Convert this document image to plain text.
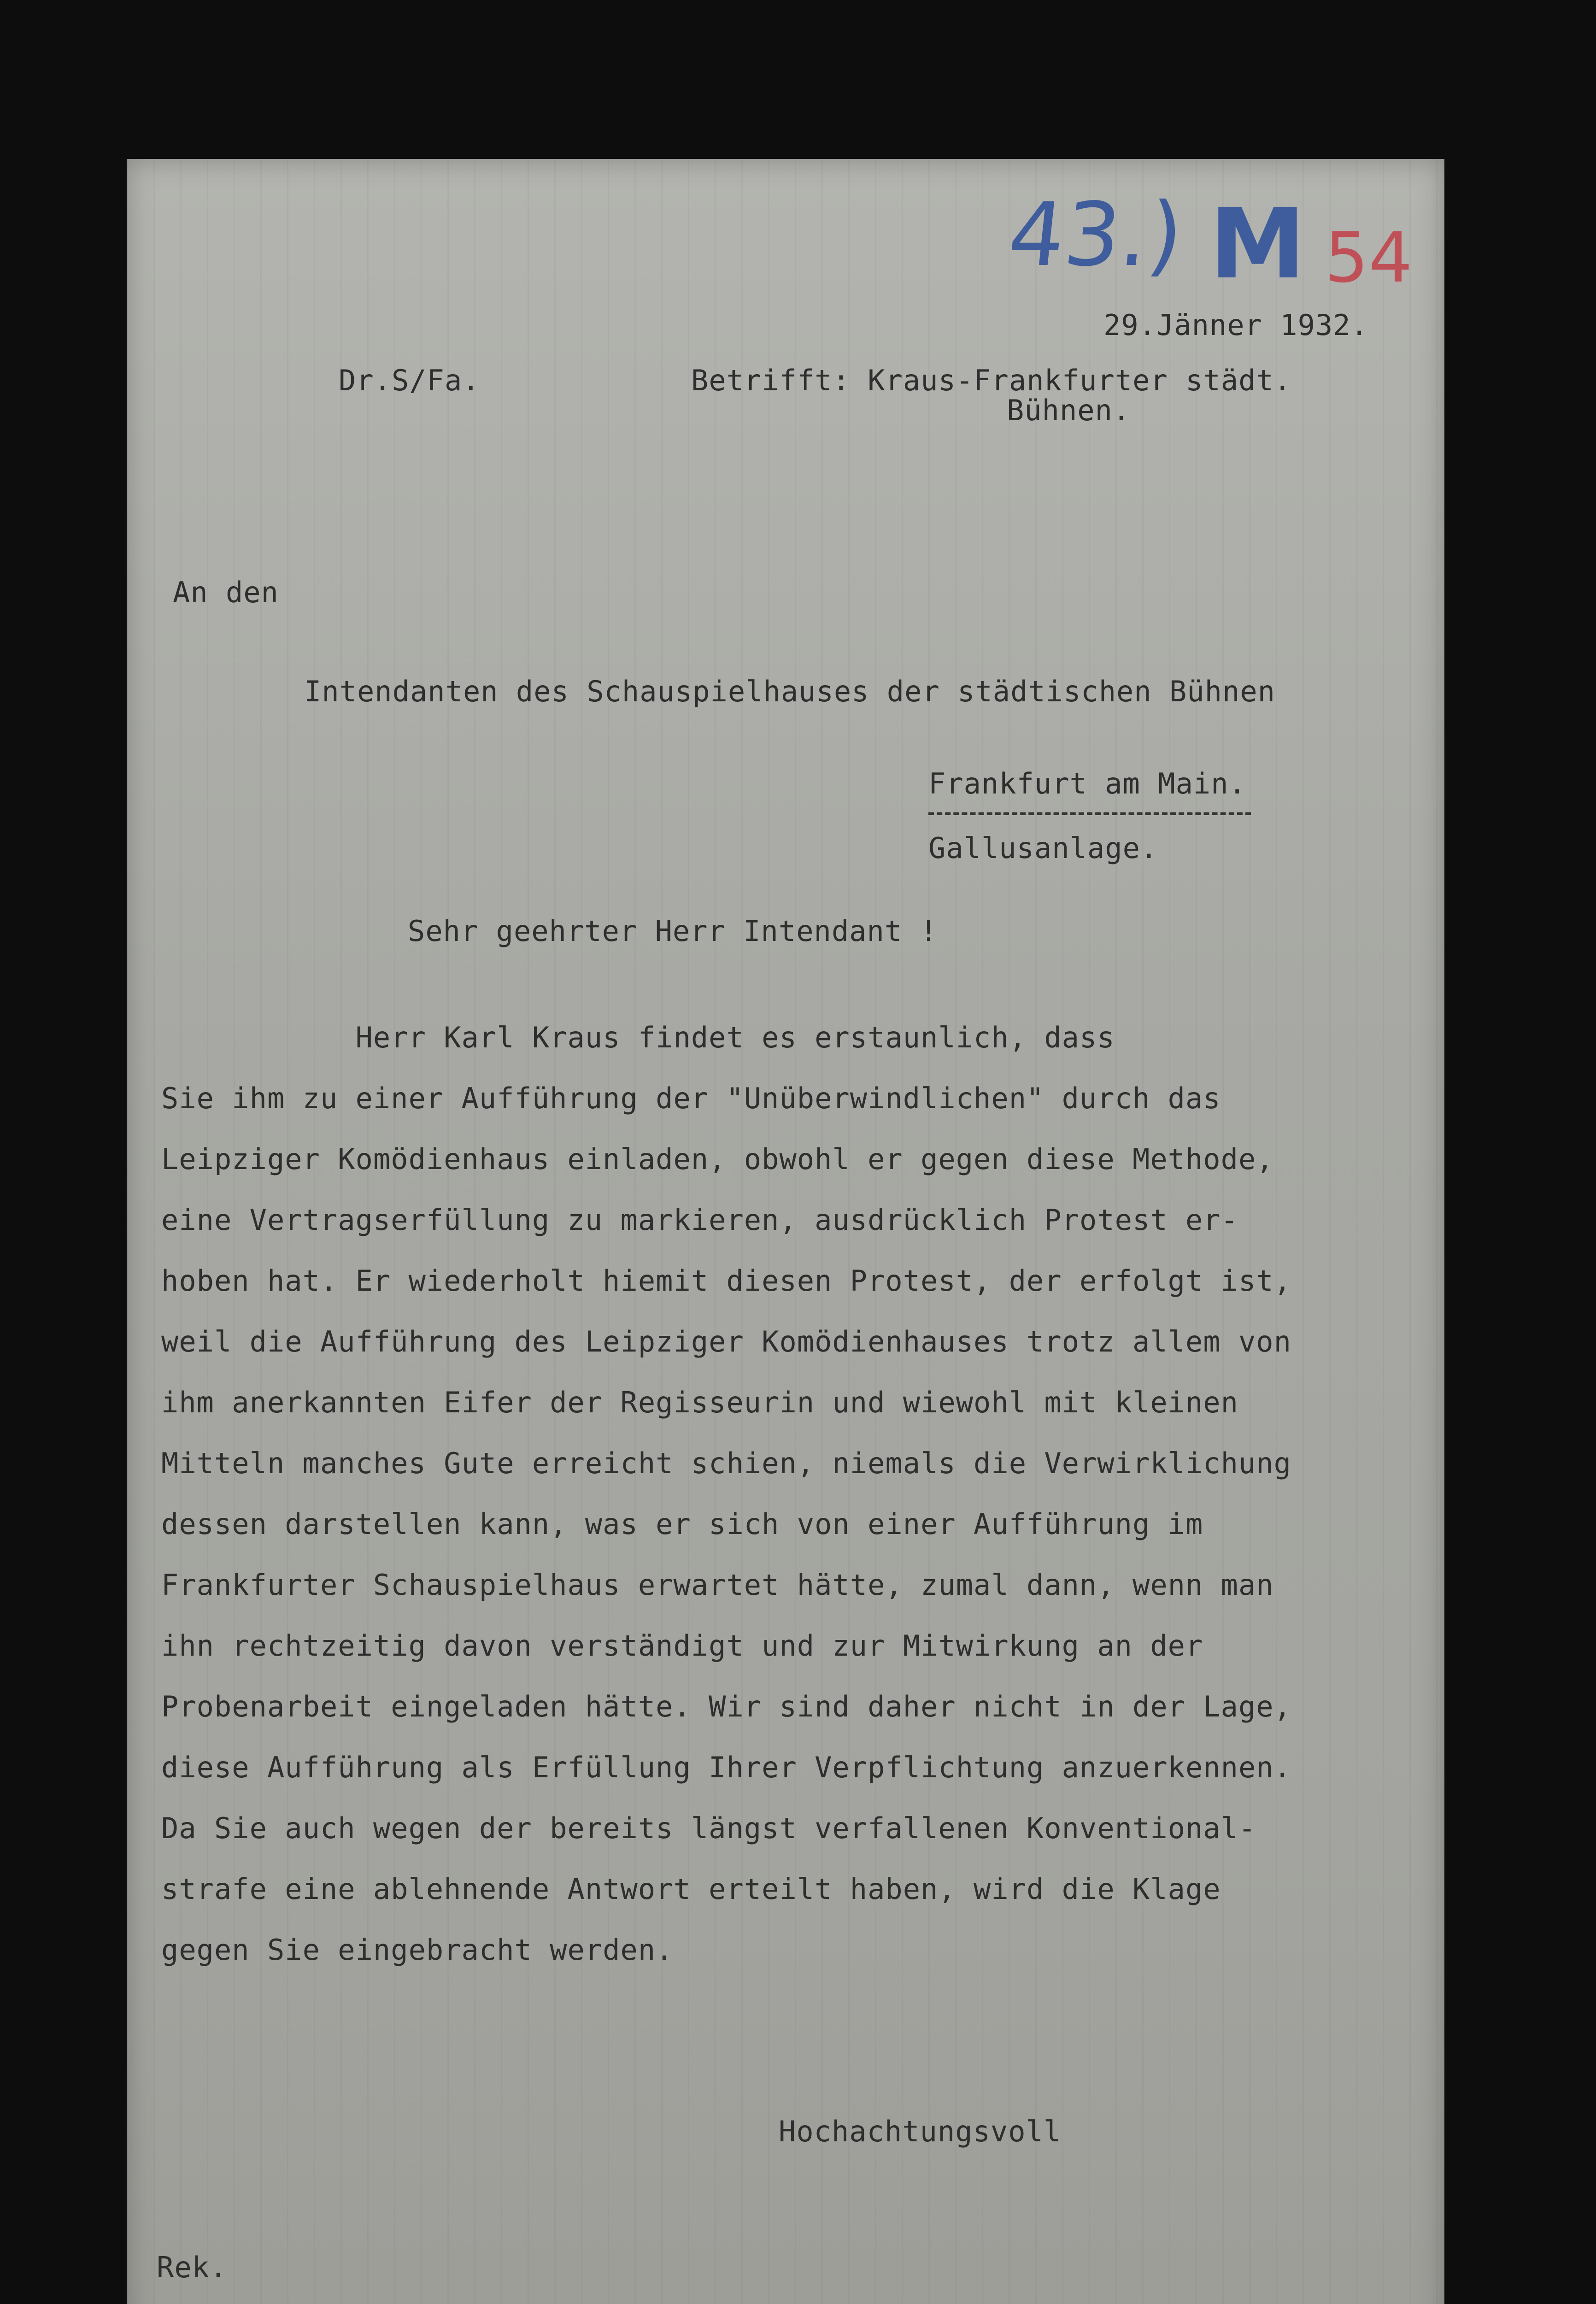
43.) M 54
29.Jänner 1932.
Dr.S/Fa.	Betrifft: Kraus-Frankfurter städt.
Bühnen.
An den
Intendanten des Schauspielhauses der städtischen Bühnen
Frankfurt am Main.
Gallusanlage.
Sehr geehrter Herr Intendant !
Herr Karl Kraus findet es erstaunlich, dass
Sie ihm zu einer Aufführung der "Unüberwindlichen" durch das
Leipziger Komödienhaus einladen, obwohl er gegen diese Methode,
eine Vertragserfüllung zu markieren, ausdrücklich Protest er-
hoben hat. Er wiederholt hiemit diesen Protest, der erfolgt ist,
weil die Aufführung des Leipziger Komödienhauses trotz allem von
ihm anerkannten Eifer der Regisseurin und wiewohl mit kleinen
Mitteln manches Gute erreicht schien, niemals die Verwirklichung
dessen darstellen kann, was er sich von einer Aufführung im
Frankfurter Schauspielhaus erwartet hätte, zumal dann, wenn man
ihn rechtzeitig davon verständigt und zur Mitwirkung an der
Probenarbeit eingeladen hätte. Wir sind daher nicht in der Lage,
diese Aufführung als Erfüllung Ihrer Verpflichtung anzuerkennen.
Da Sie auch wegen der bereits längst verfallenen Konventional-
strafe eine ablehnende Antwort erteilt haben, wird die Klage
gegen Sie eingebracht werden.
Hochachtungsvoll
Rek.
